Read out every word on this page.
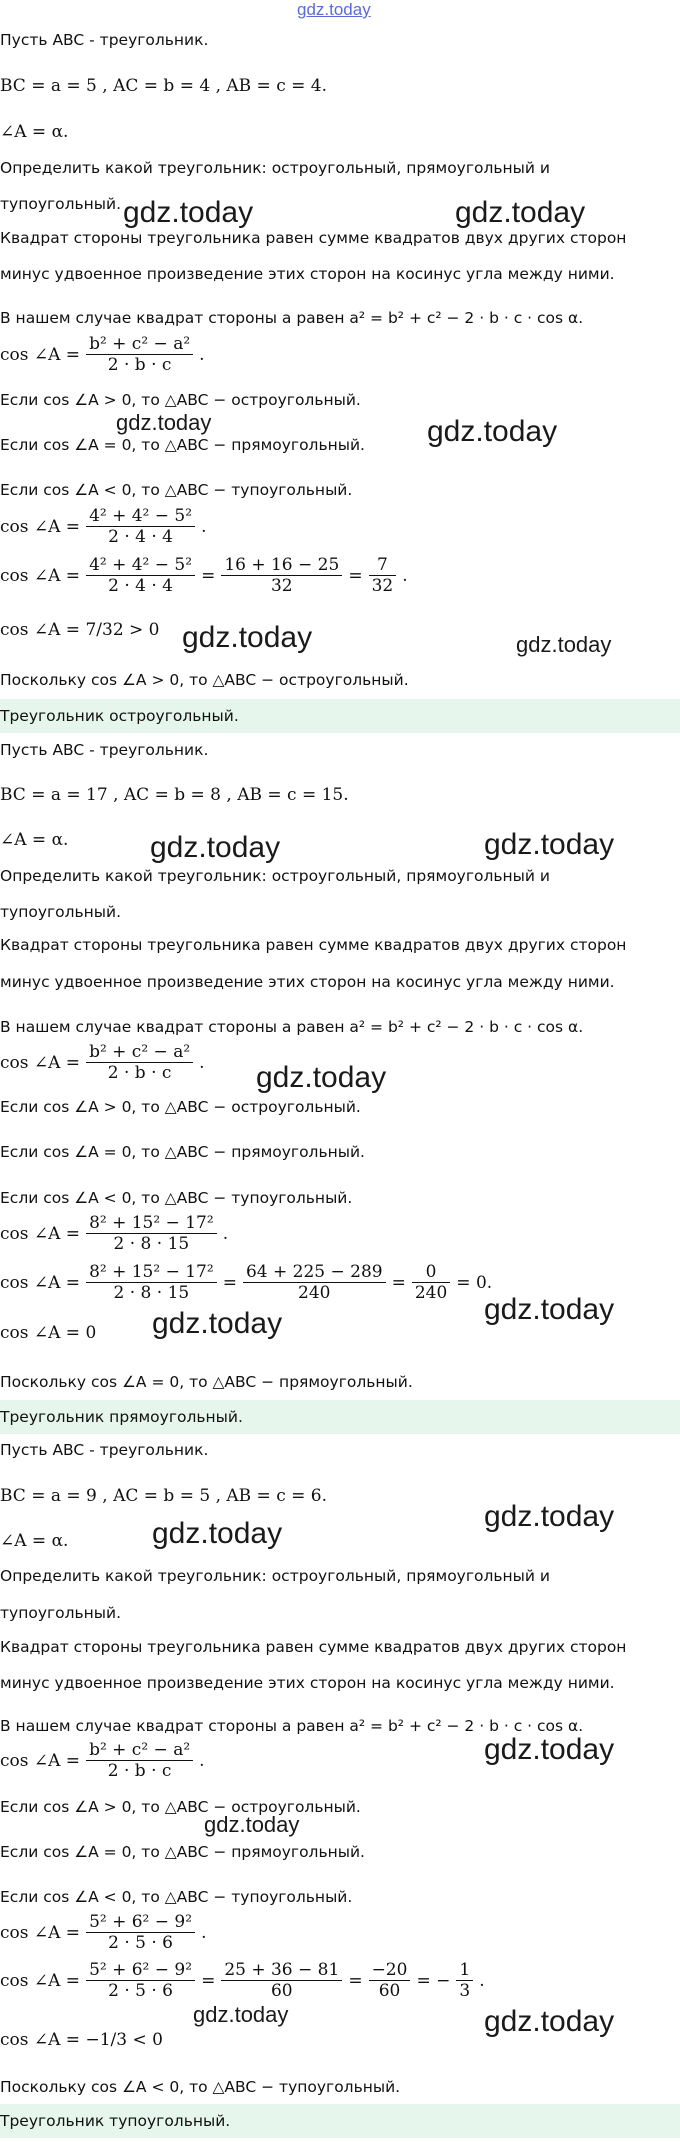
gdz.today
Пусть ABC - треугольник.
BC = a = 5 , AC = b = 4 , AB = c = 4.
∠A = α.
Определить какой треугольник: остроугольный, прямоугольный и
тупоугольный.
Квадрат стороны треугольника равен сумме квадратов двух других сторон
минус удвоенное произведение этих сторон на косинус угла между ними.
В нашем случае квадрат стороны a равен a² = b² + c² − 2 · b · c · cos α.
cos ∠A = $\frac{\text{b² + c² − a²}}{2 \cdot b \cdot c}$ .
Если cos ∠A > 0, то △ABC − остроугольный.
Если cos ∠A = 0, то △ABC − прямоугольный.
Если cos ∠A < 0, то △ABC − тупоугольный.
cos ∠A = $\frac{\text{4² + 4² − 5²}}{2 \cdot 4 \cdot 4}$ .
cos ∠A = $\frac{\text{4² + 4² − 5²}}{2 \cdot 4 \cdot 4} = \frac{16 + 16 - 25}{32} = \frac{7}{32}$ .
cos ∠A = 7/32 > 0
Поскольку cos ∠A > 0, то △ABC − остроугольный.
Треугольник остроугольный.
Пусть ABC - треугольник.
BC = a = 17 , AC = b = 8 , AB = c = 15.
∠A = α.
Определить какой треугольник: остроугольный, прямоугольный и
тупоугольный.
Квадрат стороны треугольника равен сумме квадратов двух других сторон
минус удвоенное произведение этих сторон на косинус угла между ними.
В нашем случае квадрат стороны a равен a² = b² + c² − 2 · b · c · cos α.
cos ∠A = $\frac{\text{b² + c² − a²}}{2 \cdot b \cdot c}$ .
Если cos ∠A > 0, то △ABC − остроугольный.
Если cos ∠A = 0, то △ABC − прямоугольный.
Если cos ∠A < 0, то △ABC − тупоугольный.
cos ∠A = $\frac{\text{8² + 15² − 17²}}{2 \cdot 8 \cdot 15}$ .
cos ∠A = $\frac{\text{8² + 15² − 17²}}{2 \cdot 8 \cdot 15} = \frac{64 + 225 - 289}{240} = \frac{0}{240} = 0$.
cos ∠A = 0
Поскольку cos ∠A = 0, то △ABC − прямоугольный.
Треугольник прямоугольный.
Пусть ABC - треугольник.
BC = a = 9 , AC = b = 5 , AB = c = 6.
∠A = α.
Определить какой треугольник: остроугольный, прямоугольный и
тупоугольный.
Квадрат стороны треугольника равен сумме квадратов двух других сторон
минус удвоенное произведение этих сторон на косинус угла между ними.
В нашем случае квадрат стороны a равен a² = b² + c² − 2 · b · c · cos α.
cos ∠A = $\frac{\text{b² + c² − a²}}{2 \cdot b \cdot c}$ .
Если cos ∠A > 0, то △ABC − остроугольный.
Если cos ∠A = 0, то △ABC − прямоугольный.
Если cos ∠A < 0, то △ABC − тупоугольный.
cos ∠A = $\frac{\text{5² + 6² − 9²}}{2 \cdot 5 \cdot 6}$ .
cos ∠A = $\frac{\text{5² + 6² − 9²}}{2 \cdot 5 \cdot 6} = \frac{25 + 36 - 81}{60} = \frac{-20}{60}$ = − $\frac{1}{3}$ .
cos ∠A = −1/3 < 0
Поскольку cos ∠A < 0, то △ABC − тупоугольный.
Треугольник тупоугольный.
gdz.today	gdz.today
gdz.today	gdz.today
gdz.today	gdz.today
gdz.today	gdz.today
gdz.today
gdz.today
gdz.today
gdz.today
gdz.today
gdz.today
gdz.today
gdz.today
gdz.today
